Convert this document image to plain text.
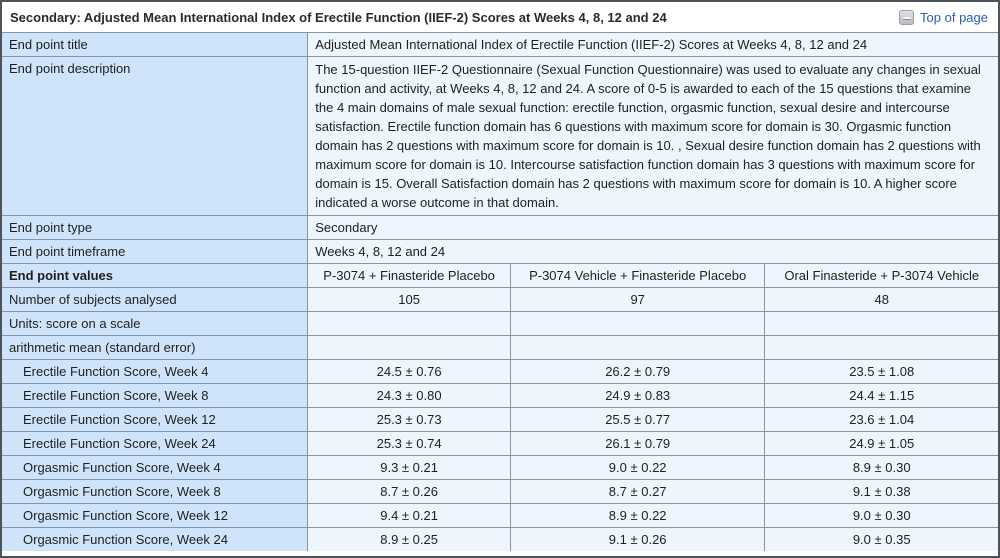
Secondary: Adjusted Mean International Index of Erectile Function (IIEF-2) Scores at Weeks 4, 8, 12 and 24	Top of page
End point title	Adjusted Mean International Index of Erectile Function (IIEF-2) Scores at Weeks 4, 8, 12 and 24		
End point description	The 15-question IIEF-2 Questionnaire (Sexual Function Questionnaire) was used to evaluate any changes in sexual function and activity, at Weeks 4, 8, 12 and 24. A score of 0-5 is awarded to each of the 15 questions that examine the 4 main domains of male sexual function: erectile function, orgasmic function, sexual desire and intercourse satisfaction. Erectile function domain has 6 questions with maximum score for domain is 30. Orgasmic function domain has 2 questions with maximum score for domain is 10. , Sexual desire function domain has 2 questions with maximum score for domain is 10. Intercourse satisfaction function domain has 3 questions with maximum score for domain is 15. Overall Satisfaction domain has 2 questions with maximum score for domain is 10. A higher score indicated a worse outcome in that domain.		
End point type	Secondary		
End point timeframe	Weeks 4, 8, 12 and 24		
End point values	P-3074 + Finasteride Placebo	P-3074 Vehicle + Finasteride Placebo	Oral Finasteride + P-3074 Vehicle
Number of subjects analysed	105	97	48
Units: score on a scale			
arithmetic mean (standard error)			
Erectile Function Score, Week 4	24.5 ± 0.76	26.2 ± 0.79	23.5 ± 1.08
Erectile Function Score, Week 8	24.3 ± 0.80	24.9 ± 0.83	24.4 ± 1.15
Erectile Function Score, Week 12	25.3 ± 0.73	25.5 ± 0.77	23.6 ± 1.04
Erectile Function Score, Week 24	25.3 ± 0.74	26.1 ± 0.79	24.9 ± 1.05
Orgasmic Function Score, Week 4	9.3 ± 0.21	9.0 ± 0.22	8.9 ± 0.30
Orgasmic Function Score, Week 8	8.7 ± 0.26	8.7 ± 0.27	9.1 ± 0.38
Orgasmic Function Score, Week 12	9.4 ± 0.21	8.9 ± 0.22	9.0 ± 0.30
Orgasmic Function Score, Week 24	8.9 ± 0.25	9.1 ± 0.26	9.0 ± 0.35
